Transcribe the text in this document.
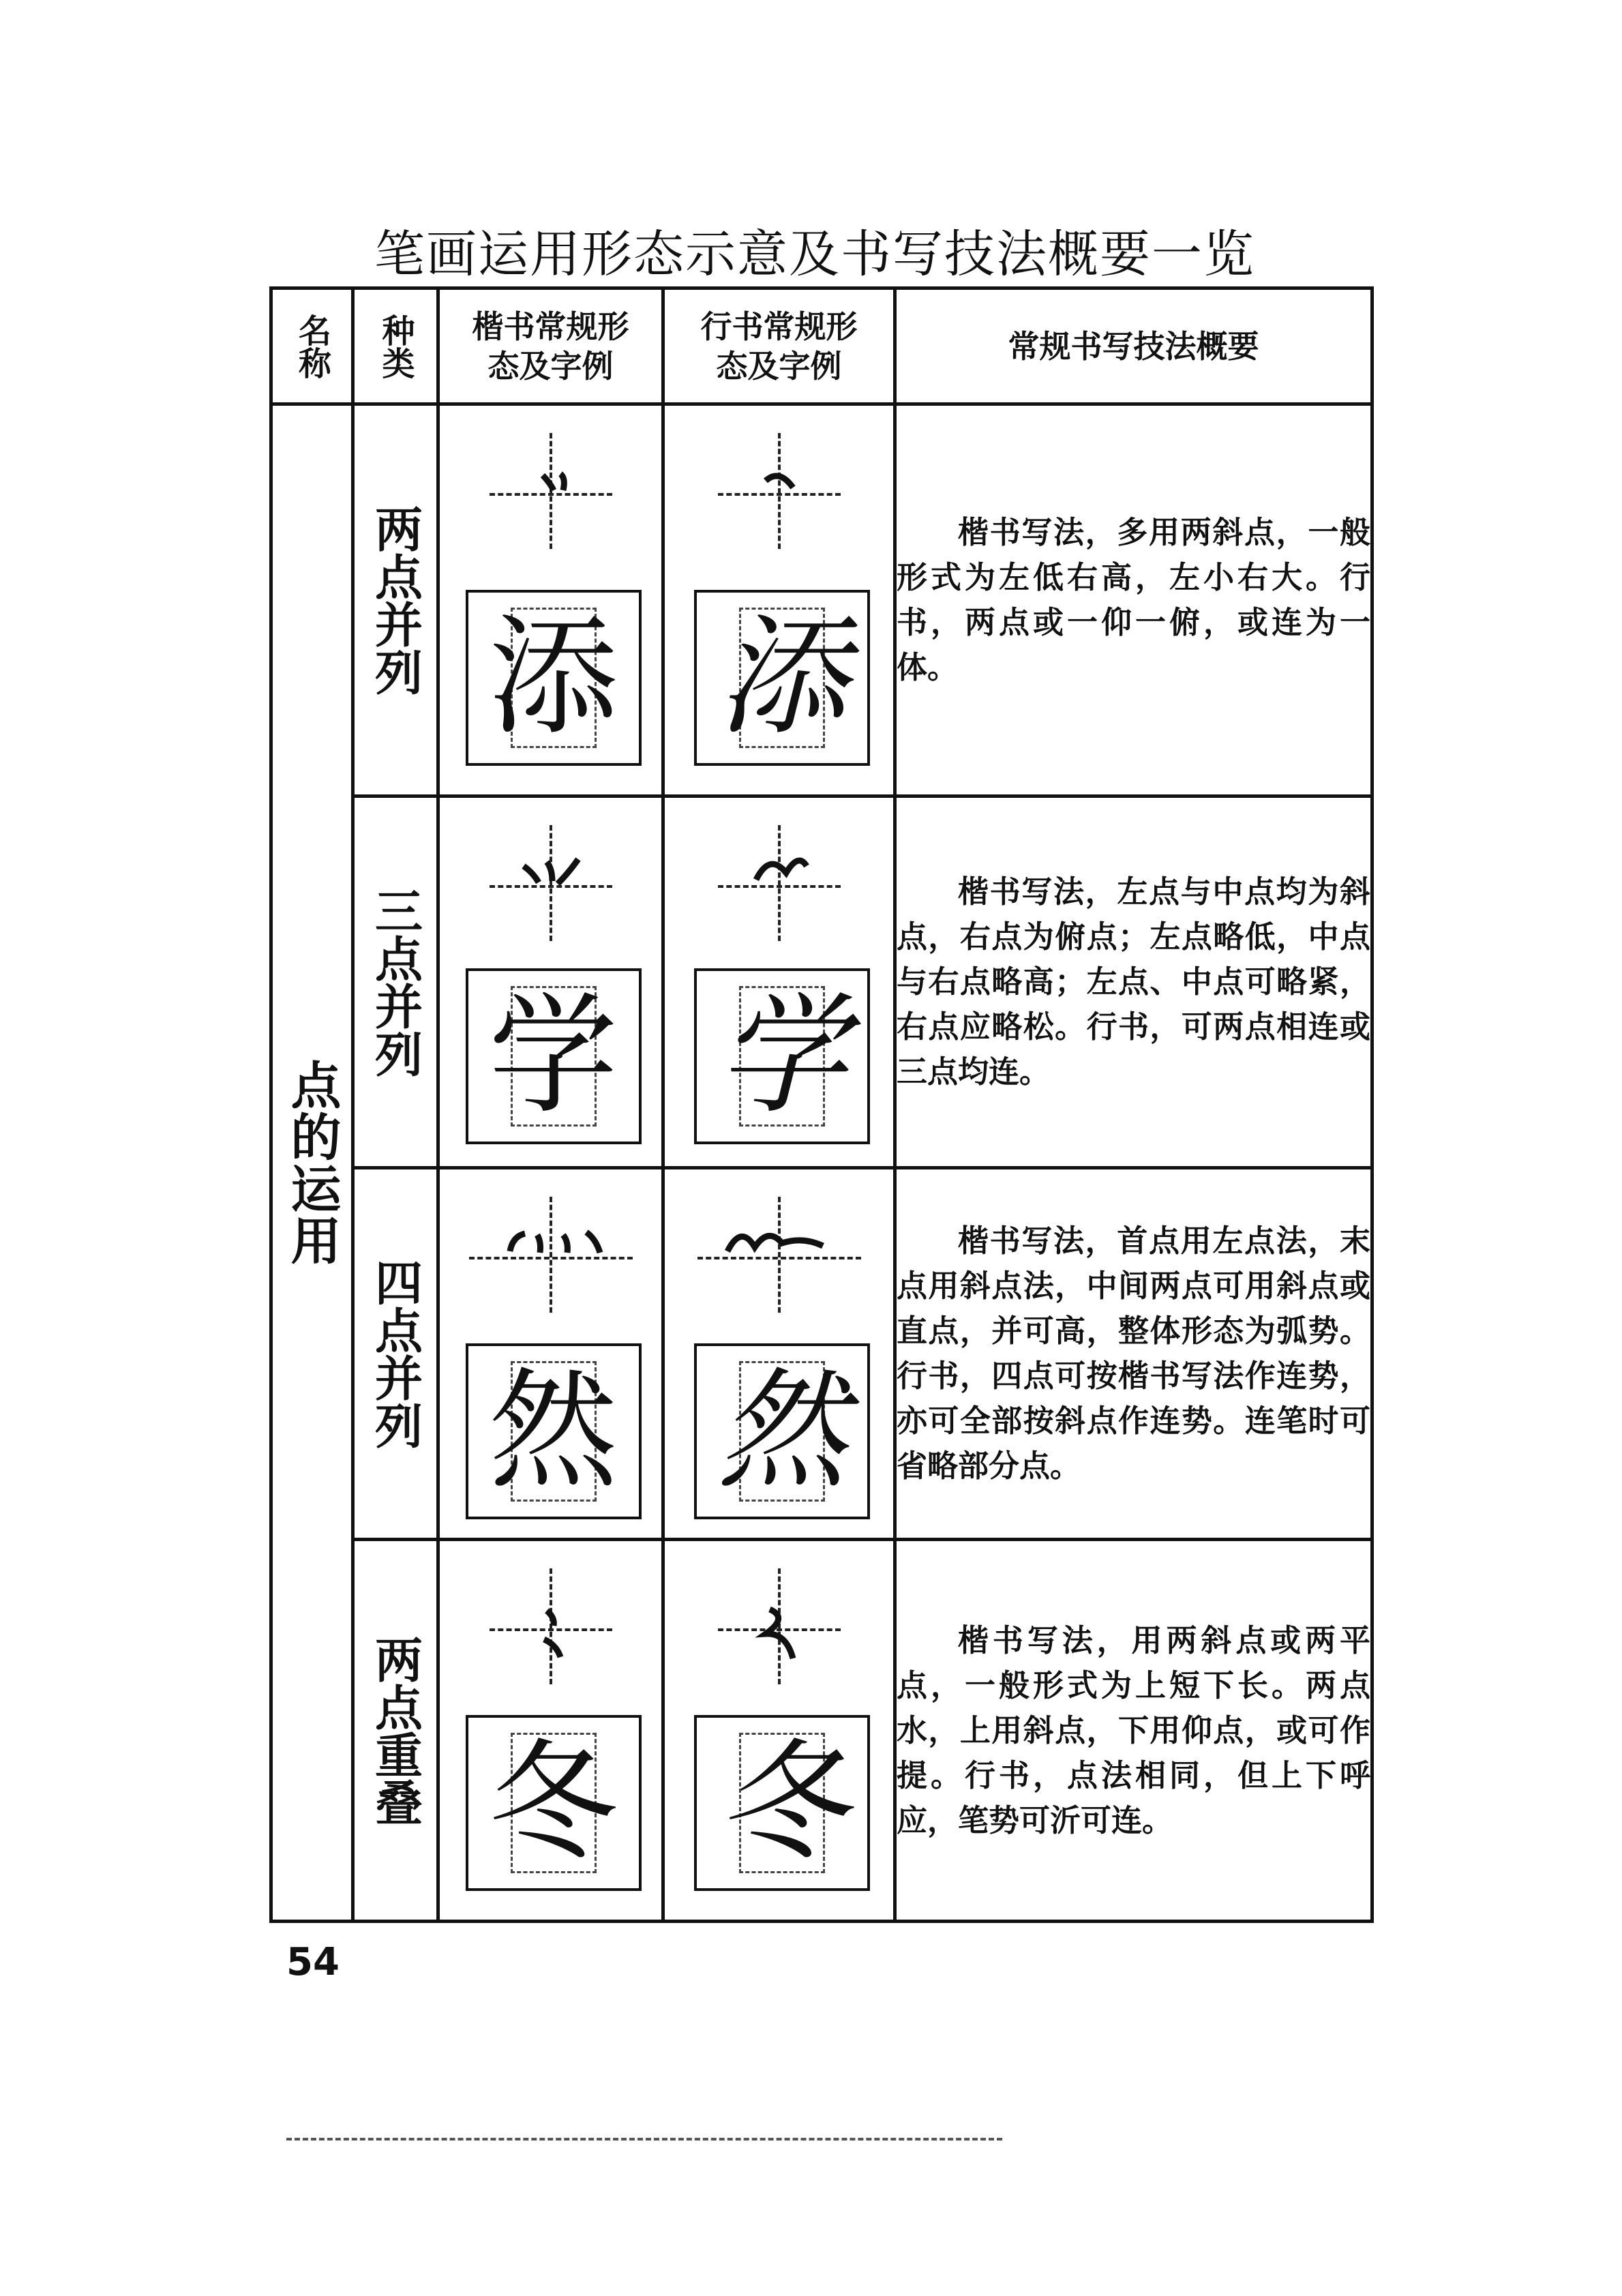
笔画运用形态示意及书写技法概要一览
名称	种类	楷书常规形态及字例	行书常规形态及字例	常规书写技法概要

点的运用	两点并列	添	添	楷书写法，多用两斜点，一般形式为左低右高，左小右大。行书，两点或一仰一俯，或连为一体。

	三点并列	学	学	楷书写法，左点与中点均为斜点，右点为俯点；左点略低，中点与右点略高；左点、中点可略紧，右点应略松。行书，可两点相连或三点均连。

	四点并列	然	然	楷书写法，首点用左点法，末点用斜点法，中间两点可用斜点或直点，并可高，整体形态为弧势。行书，四点可按楷书写法作连势，亦可全部按斜点作连势。连笔时可省略部分点。

	两点重叠	冬	冬	楷书写法，用两斜点或两平点，一般形式为上短下长。两点水，上用斜点，下用仰点，或可作提。行书，点法相同，但上下呼应，笔势可沂可连。
54
